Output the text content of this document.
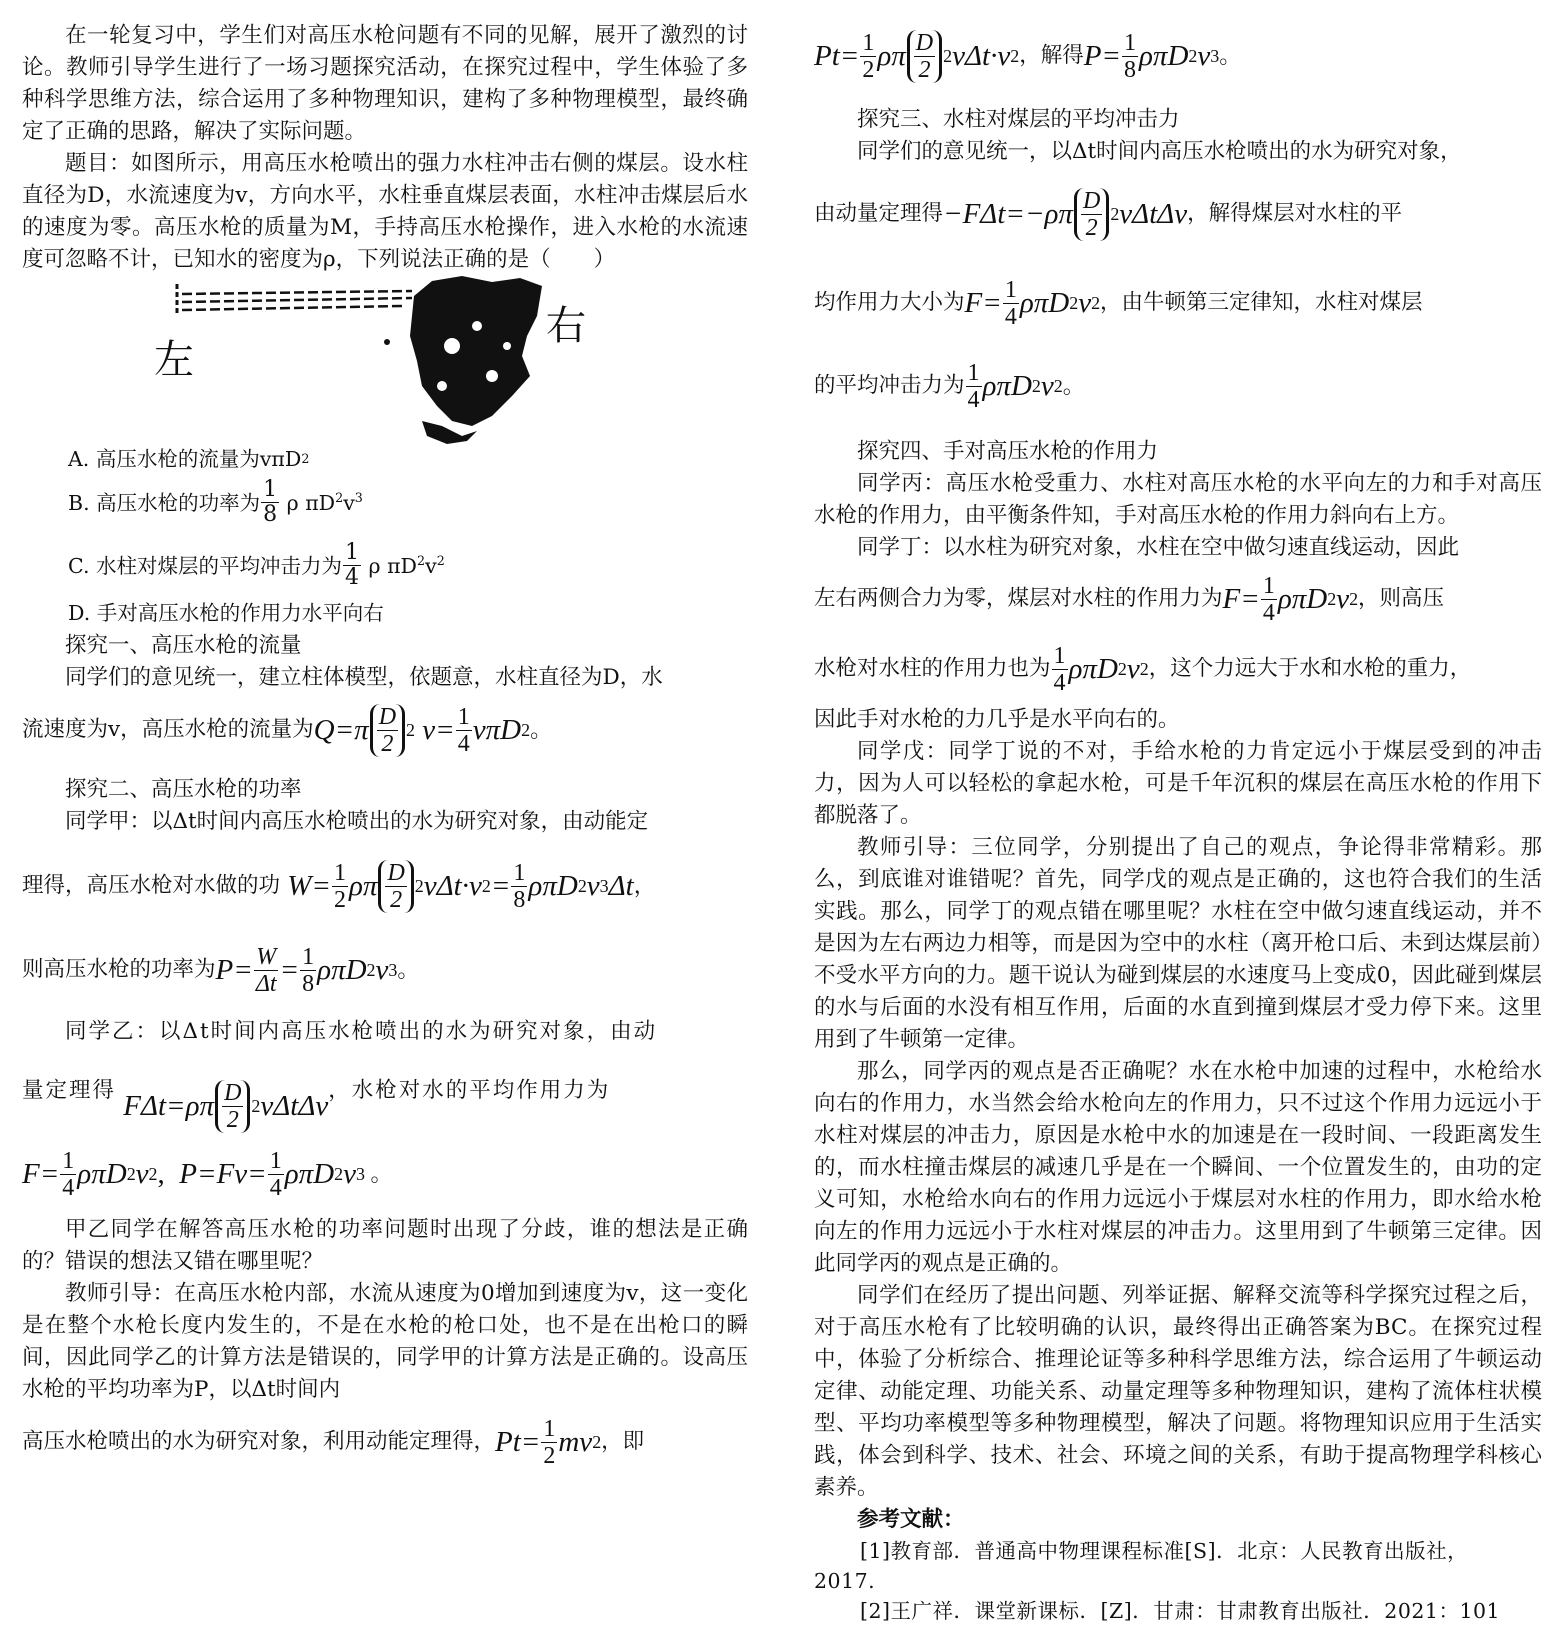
在一轮复习中，学生们对高压水枪问题有不同的见解，展开了激烈的讨论。教师引导学生进行了一场习题探究活动，在探究过程中，学生体验了多种科学思维方法，综合运用了多种物理知识，建构了多种物理模型，最终确定了正确的思路，解决了实际问题。

题目：如图所示，用高压水枪喷出的强力水柱冲击右侧的煤层。设水柱直径为D，水流速度为v，方向水平，水柱垂直煤层表面，水柱冲击煤层后水的速度为零。高压水枪的质量为M，手持高压水枪操作，进入水枪的水流速度可忽略不计，已知水的密度为ρ，下列说法正确的是（　　）

左
右
A. 高压水枪的流量为vπD 2
B. 高压水枪的功率为 $\frac{1}{8}$ ρ $\pi D^2v^3$
C. 水柱对煤层的平均冲击力为 $\frac{1}{4}$ ρ $\pi D^2v^2$
D. 手对高压水枪的作用力水平向右

探究一、高压水枪的流量

同学们的意见统一，建立柱体模型，依题意，水柱直径为D，水

流速度为v，高压水枪的流量为 $Q=\pi \frac{D}{2} 2$ $v= \frac{1}{4}$ vπD 2 。

探究二、高压水枪的功率

同学甲：以Δt时间内高压水枪喷出的水为研究对象，由动能定

理得，高压水枪对水做的功 $W= \frac{1}{2}$ ρπ $\frac{D}{2} 2$ vΔt·v $2 = \frac{1}{8}$ ρπD 2 v 3 Δt ，
则高压水枪的功率为 $P= \frac{W}{\Delta t} = \frac{1}{8}$ ρπD 2 v 3 。

同学乙：以Δt时间内高压水枪喷出的水为研究对象，由动

量定理得 $F\Delta t=\rho\pi \frac{D}{2} 2$ vΔtΔv ，水枪对水的平均作用力为
$F= \frac{1}{4}$ ρπD 2 v 2 , $P=Fv= \frac{1}{4}$ ρπD 2 v 3 。

甲乙同学在解答高压水枪的功率问题时出现了分歧，谁的想法是正确的？错误的想法又错在哪里呢？

教师引导：在高压水枪内部，水流从速度为0增加到速度为v，这一变化是在整个水枪长度内发生的，不是在水枪的枪口处，也不是在出枪口的瞬间，因此同学乙的计算方法是错误的，同学甲的计算方法是正确的。设高压水枪的平均功率为P，以Δt时间内

高压水枪喷出的水为研究对象，利用动能定理得， $Pt= \frac{1}{2}$ mv 2 ，即
$Pt= \frac{1}{2}$ ρπ $\frac{D}{2} 2$ vΔt·v 2 ，解得 $P= \frac{1}{8}$ ρπD 2 v 3 。

探究三、水柱对煤层的平均冲击力

同学们的意见统一，以Δt时间内高压水枪喷出的水为研究对象，

由动量定理得 $-F\Delta t=-\rho\pi \frac{D}{2} 2$ vΔtΔv ，解得煤层对水柱的平
均作用力大小为 $F= \frac{1}{4}$ ρπD 2 v 2 ，由牛顿第三定律知，水柱对煤层
的平均冲击力为 $\frac{1}{4}$ ρπD 2 v 2 。

探究四、手对高压水枪的作用力

同学丙：高压水枪受重力、水柱对高压水枪的水平向左的力和手对高压水枪的作用力，由平衡条件知，手对高压水枪的作用力斜向右上方。

同学丁：以水柱为研究对象，水柱在空中做匀速直线运动，因此

左右两侧合力为零，煤层对水柱的作用力为 $F= \frac{1}{4}$ ρπD 2 v 2 ，则高压
水枪对水柱的作用力也为 $\frac{1}{4}$ ρπD 2 v 2 ，这个力远大于水和水枪的重力，

因此手对水枪的力几乎是水平向右的。

同学戊：同学丁说的不对，手给水枪的力肯定远小于煤层受到的冲击力，因为人可以轻松的拿起水枪，可是千年沉积的煤层在高压水枪的作用下都脱落了。

教师引导：三位同学，分别提出了自己的观点，争论得非常精彩。那么，到底谁对谁错呢？首先，同学戊的观点是正确的，这也符合我们的生活实践。那么，同学丁的观点错在哪里呢？水柱在空中做匀速直线运动，并不是因为左右两边力相等，而是因为空中的水柱（离开枪口后、未到达煤层前）不受水平方向的力。题干说认为碰到煤层的水速度马上变成0，因此碰到煤层的水与后面的水没有相互作用，后面的水直到撞到煤层才受力停下来。这里用到了牛顿第一定律。

那么，同学丙的观点是否正确呢？水在水枪中加速的过程中，水枪给水向右的作用力，水当然会给水枪向左的作用力，只不过这个作用力远远小于水柱对煤层的冲击力，原因是水枪中水的加速是在一段时间、一段距离发生的，而水柱撞击煤层的减速几乎是在一个瞬间、一个位置发生的，由功的定义可知，水枪给水向右的作用力远远小于煤层对水柱的作用力，即水给水枪向左的作用力远远小于水柱对煤层的冲击力。这里用到了牛顿第三定律。因此同学丙的观点是正确的。

同学们在经历了提出问题、列举证据、解释交流等科学探究过程之后，对于高压水枪有了比较明确的认识，最终得出正确答案为BC。在探究过程中，体验了分析综合、推理论证等多种科学思维方法，综合运用了牛顿运动定律、动能定理、功能关系、动量定理等多种物理知识，建构了流体柱状模型、平均功率模型等多种物理模型，解决了问题。将物理知识应用于生活实践，体会到科学、技术、社会、环境之间的关系，有助于提高物理学科核心素养。

参考文献：

[1]教育部．普通高中物理课程标准[S]．北京：人民教育出版社，
2017.
[2]王广祥．课堂新课标．[Z]．甘肃：甘肃教育出版社．2021：101
